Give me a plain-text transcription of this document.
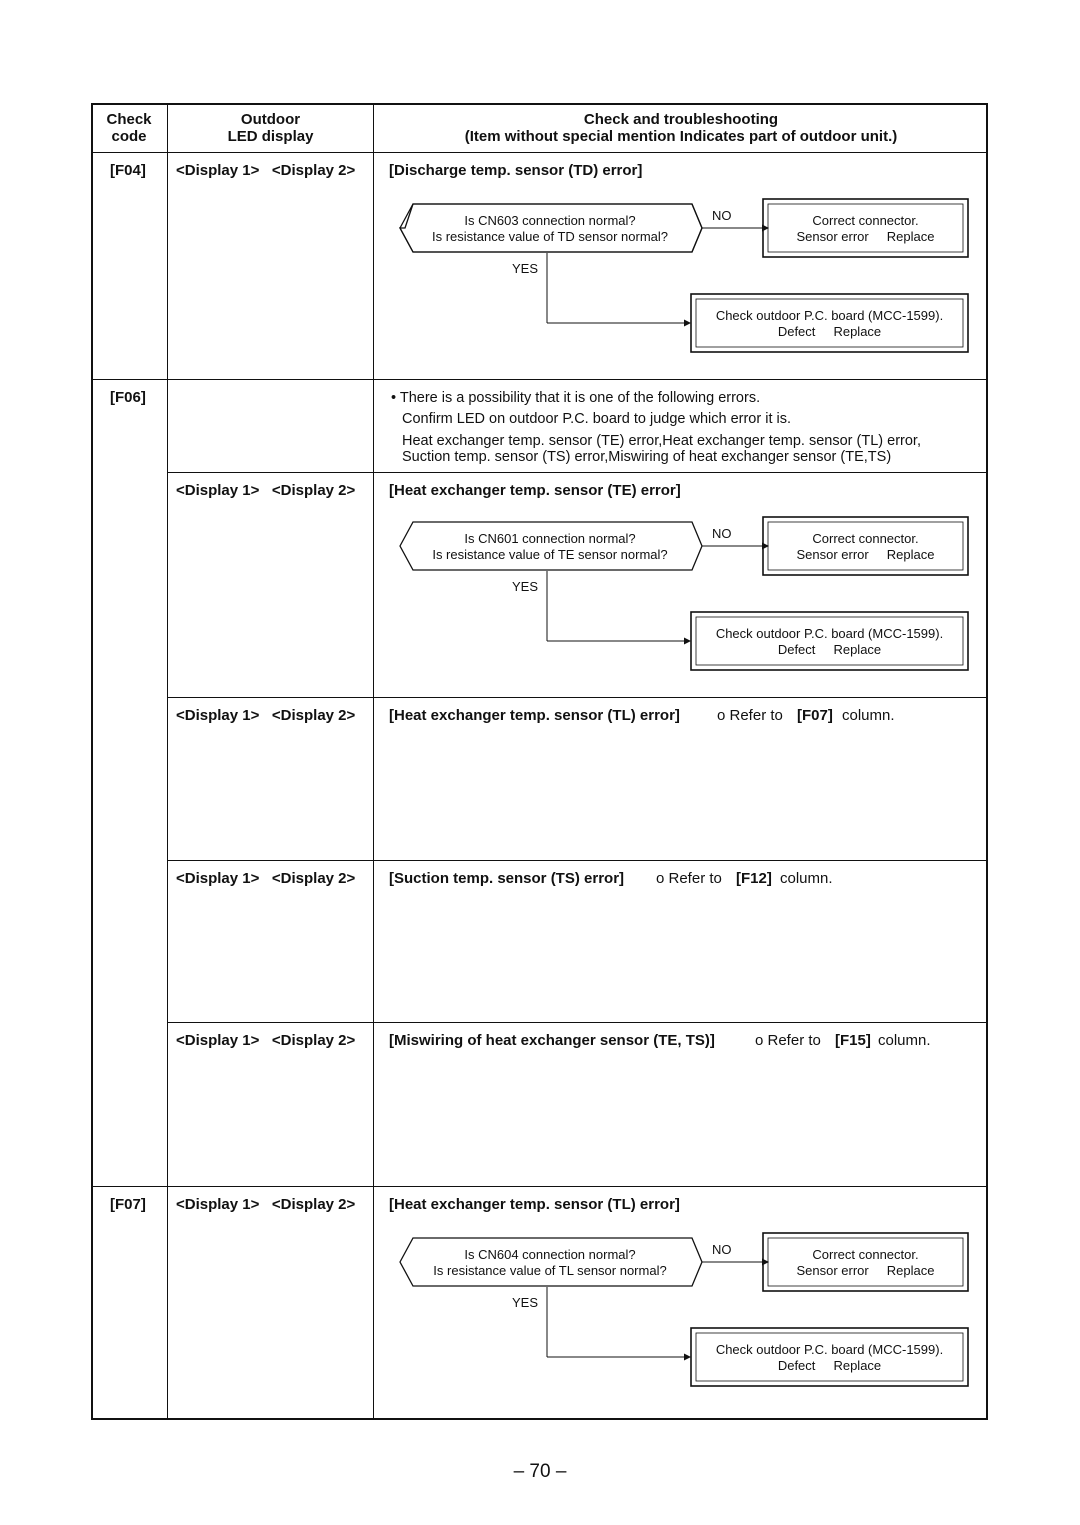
Check
code
Outdoor
LED display
Check and troubleshooting
(Item without special mention Indicates part of outdoor unit.)
[F04] <Display 1>   <Display 2> [Discharge temp. sensor (TD) error]
Is CN603 connection normal?
Is resistance value of TD sensor normal?
NO
YES
Correct connector.
Sensor error     Replace
Check outdoor P.C. board (MCC-1599).
Defect     Replace
[F06]	• There is a possibility that it is one of the following errors.
Confirm LED on outdoor P.C. board to judge which error it is.
Heat exchanger temp. sensor (TE) error,Heat exchanger temp. sensor (TL) error,
Suction temp. sensor (TS) error,Miswiring of heat exchanger sensor (TE,TS)
<Display 1>   <Display 2> [Heat exchanger temp. sensor (TE) error]
Is CN601 connection normal?
Is resistance value of TE sensor normal?
NO
YES
Correct connector.
Sensor error     Replace
Check outdoor P.C. board (MCC-1599).
Defect     Replace
<Display 1>   <Display 2> [Heat exchanger temp. sensor (TL) error] o Refer to [F07] column.
<Display 1>   <Display 2> [Suction temp. sensor (TS) error] o Refer to [F12] column.
<Display 1>   <Display 2> [Miswiring of heat exchanger sensor (TE, TS)]	o Refer to [F15] column.
[F07] <Display 1>   <Display 2> [Heat exchanger temp. sensor (TL) error]
Is CN604 connection normal?
Is resistance value of TL sensor normal?
NO
YES
Correct connector.
Sensor error     Replace
Check outdoor P.C. board (MCC-1599).
Defect     Replace
– 70 –
